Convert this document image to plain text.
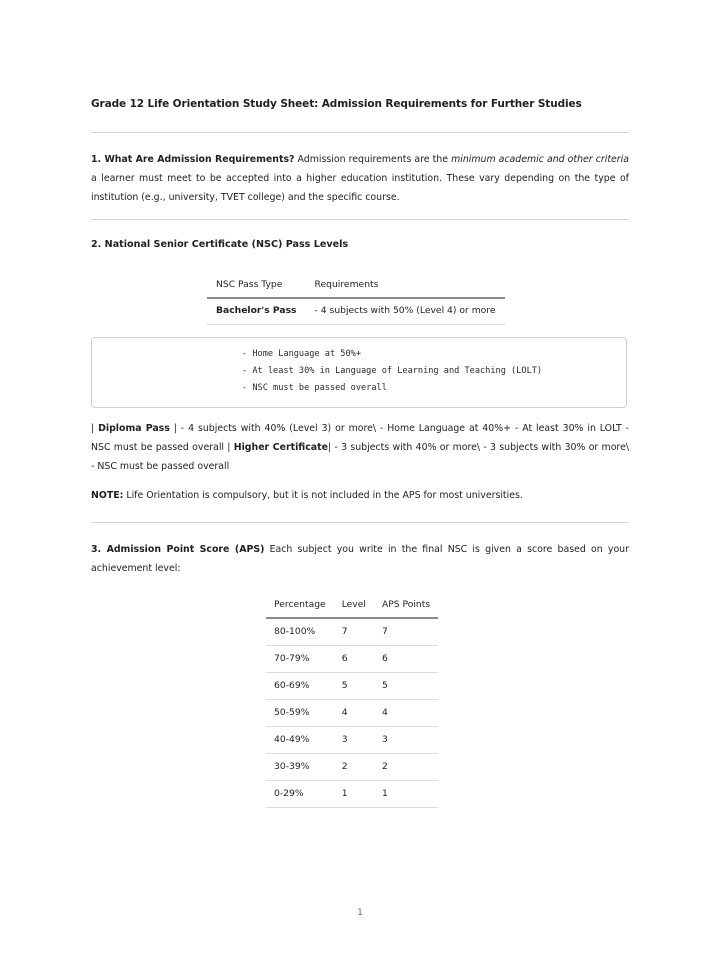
Grade 12 Life Orientation Study Sheet: Admission Requirements for Further Studies

1. What Are Admission Requirements? Admission requirements are the minimum academic and other criteria a learner must meet to be accepted into a higher education institution. These vary depending on the type of institution (e.g., university, TVET college) and the specific course.

2. National Senior Certificate (NSC) Pass Levels

NSC Pass Type	Requirements
Bachelor's Pass	- 4 subjects with 50% (Level 4) or more
- Home Language at 50%+
- At least 30% in Language of Learning and Teaching (LOLT)
- NSC must be passed overall

| Diploma Pass | - 4 subjects with 40% (Level 3) or more\ - Home Language at 40%+ - At least 30% in LOLT - NSC must be passed overall | Higher Certificate| - 3 subjects with 40% or more\ - 3 subjects with 30% or more\ - NSC must be passed overall

NOTE: Life Orientation is compulsory, but it is not included in the APS for most universities.

3. Admission Point Score (APS) Each subject you write in the final NSC is given a score based on your achievement level:

Percentage	Level	APS Points
80-100%	7	7
70-79%	6	6
60-69%	5	5
50-59%	4	4
40-49%	3	3
30-39%	2	2
0-29%	1	1
1
